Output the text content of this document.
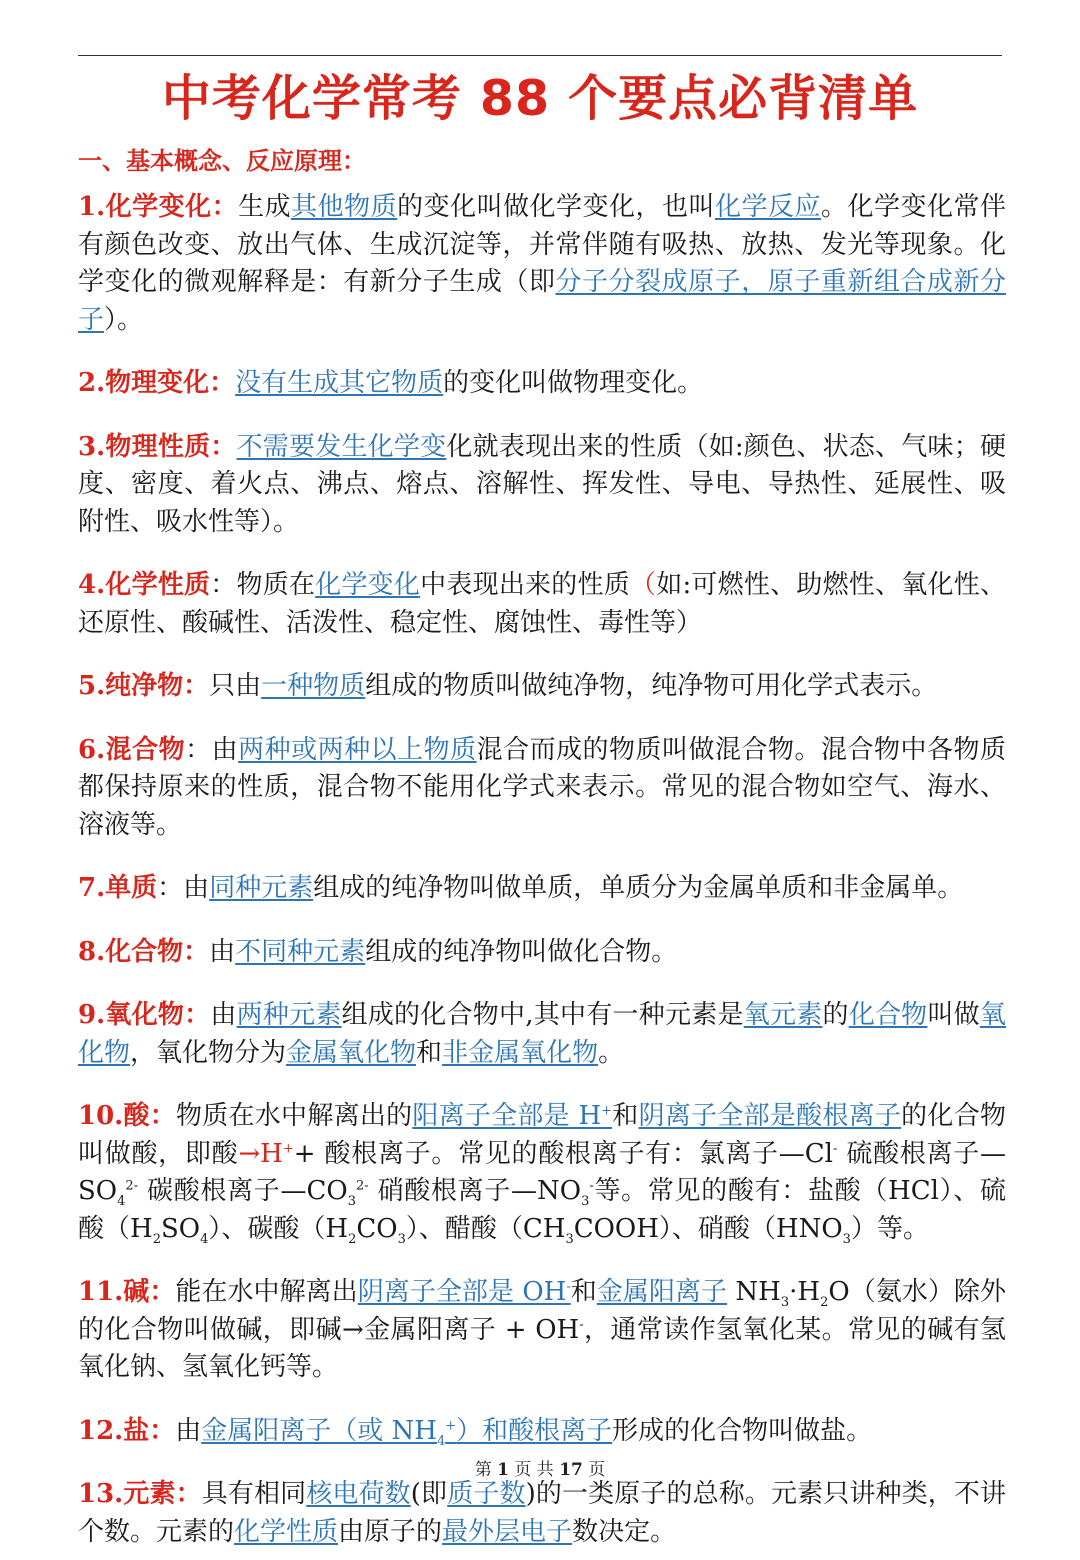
中考化学常考 88 个要点必背清单
一、基本概念、反应原理：

1.化学变化：生成其他物质的变化叫做化学变化，也叫化学反应。化学变化常伴有颜色改变、放出气体、生成沉淀等，并常伴随有吸热、放热、发光等现象。化学变化的微观解释是：有新分子生成（即分子分裂成原子，原子重新组合成新分子）。

2.物理变化：没有生成其它物质的变化叫做物理变化。

3.物理性质：不需要发生化学变化就表现出来的性质（如:颜色、状态、气味；硬度、密度、着火点、沸点、熔点、溶解性、挥发性、导电、导热性、延展性、吸附性、吸水性等）。

4.化学性质：物质在化学变化中表现出来的性质（如:可燃性、助燃性、氧化性、还原性、酸碱性、活泼性、稳定性、腐蚀性、毒性等）

5.纯净物：只由一种物质组成的物质叫做纯净物，纯净物可用化学式表示。

6.混合物：由两种或两种以上物质混合而成的物质叫做混合物。混合物中各物质都保持原来的性质，混合物不能用化学式来表示。常见的混合物如空气、海水、溶液等。

7.单质：由同种元素组成的纯净物叫做单质，单质分为金属单质和非金属单。

8.化合物：由不同种元素组成的纯净物叫做化合物。

9.氧化物：由两种元素组成的化合物中,其中有一种元素是氧元素的化合物叫做氧化物，氧化物分为金属氧化物和非金属氧化物。

10.酸：物质在水中解离出的阳离子全部是 H+和阴离子全部是酸根离子的化合物叫做酸，即酸→H++ 酸根离子。常见的酸根离子有：氯离子—Cl- 硫酸根离子$—SO_4^{2-}$ 碳酸根离子$—CO_3^{2-}$ 硝酸根离子$—NO_3^-$等。常见的酸有：盐酸（HCl）、硫酸$(H_2SO_4)$、碳酸$(H_2CO_3)$、醋酸$(CH_3COOH)$、硝酸$(HNO_3)$等。

11.碱：能在水中解离出阴离子全部是 OH-和金属阳离子 $NH_3\cdot H_2O$（氨水）除外的化合物叫做碱，即碱→金属阳离子 + OH-，通常读作氢氧化某。常见的碱有氢氧化钠、氢氧化钙等。

12.盐：由金属阳离子（或 $NH_4^+$）和酸根离子形成的化合物叫做盐。

13.元素：具有相同核电荷数(即质子数)的一类原子的总称。元素只讲种类，不讲个数。元素的化学性质由原子的最外层电子数决定。

第 1 页 共 17 页
